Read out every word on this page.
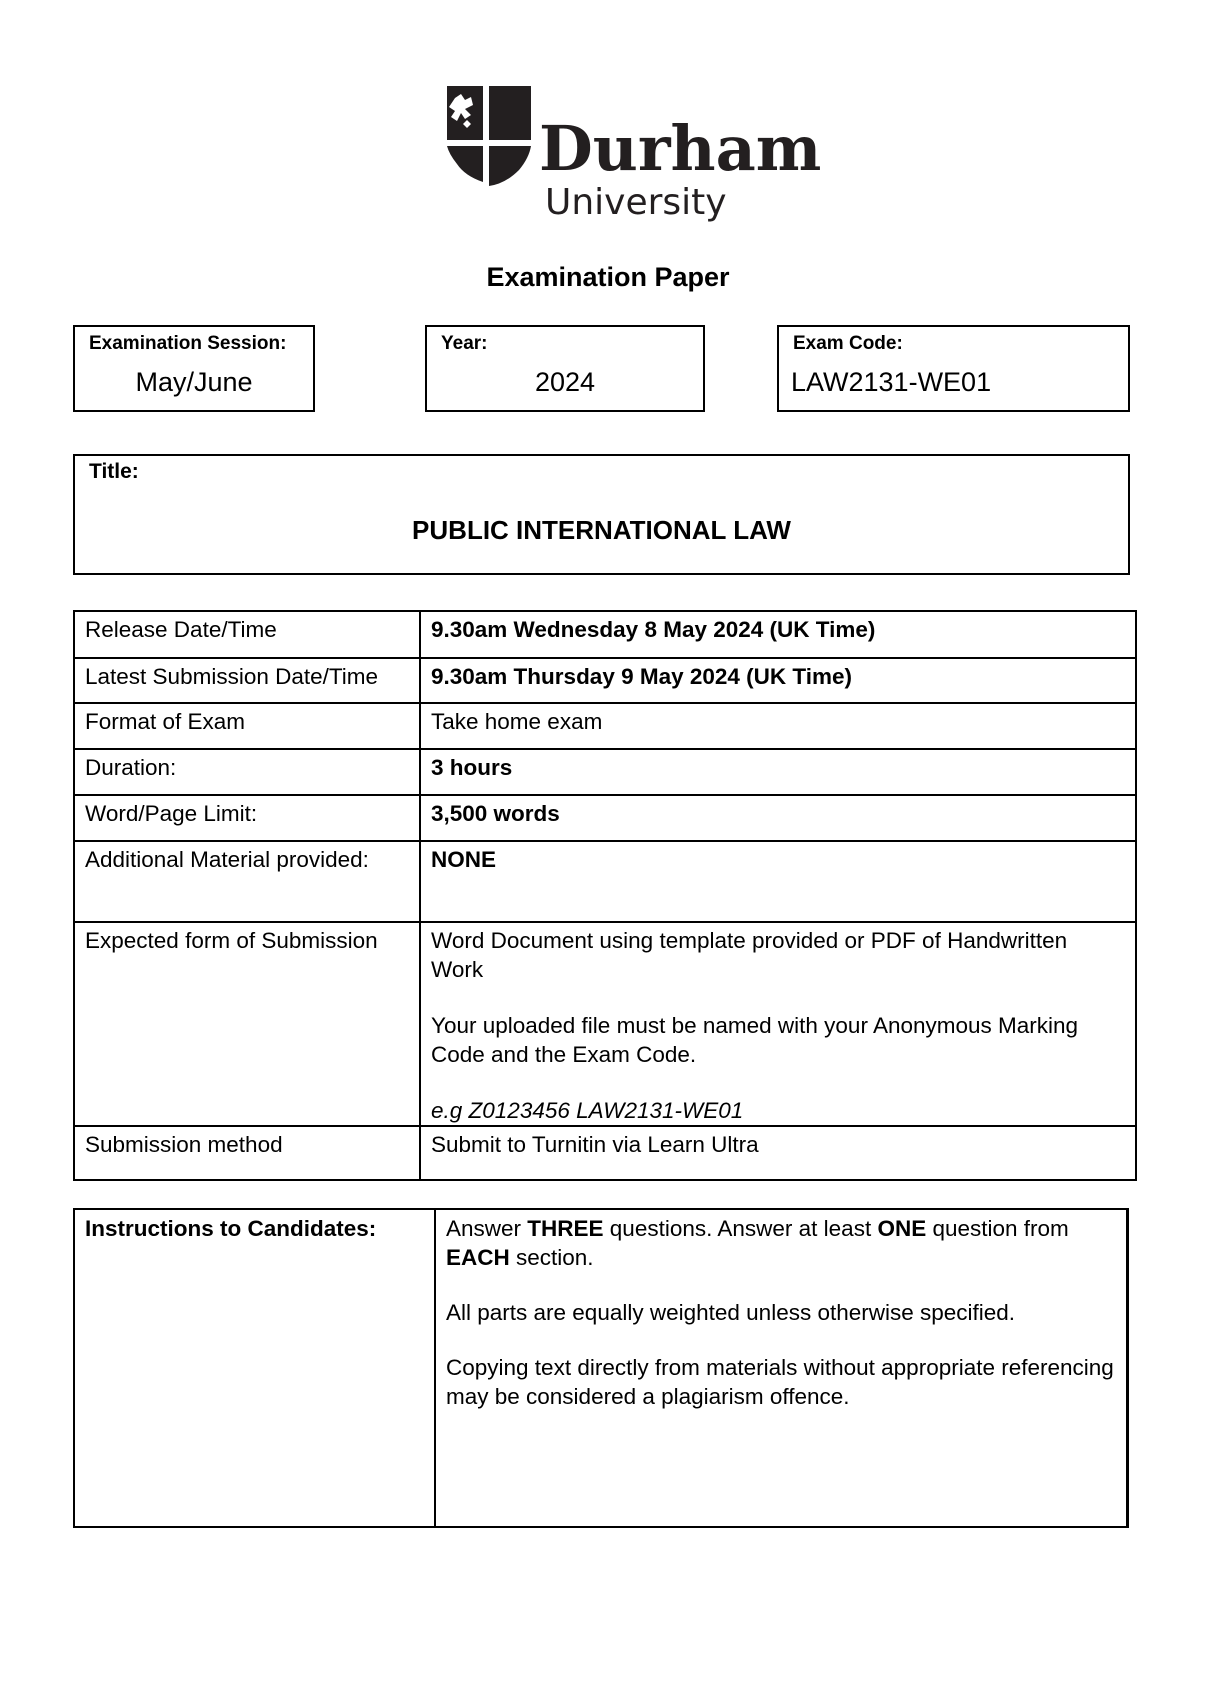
Durham
University
Examination Paper
Examination Session:
May/June
Year:
2024
Exam Code:
LAW2131-WE01
Title:
PUBLIC INTERNATIONAL LAW
Release Date/Time	9.30am Wednesday 8 May 2024 (UK Time)
Latest Submission Date/Time	9.30am Thursday 9 May 2024 (UK Time)
Format of Exam	Take home exam
Duration:	3 hours
Word/Page Limit:	3,500 words
Additional Material provided:	NONE
Expected form of Submission	Word Document using template provided or PDF of Handwritten Work

Your uploaded file must be named with your Anonymous Marking Code and the Exam Code.

e.g Z0123456 LAW2131-WE01

Submission method	Submit to Turnitin via Learn Ultra
Instructions to Candidates:	Answer THREE questions. Answer at least ONE question from EACH section.

All parts are equally weighted unless otherwise specified.

Copying text directly from materials without appropriate referencing may be considered a plagiarism offence.
